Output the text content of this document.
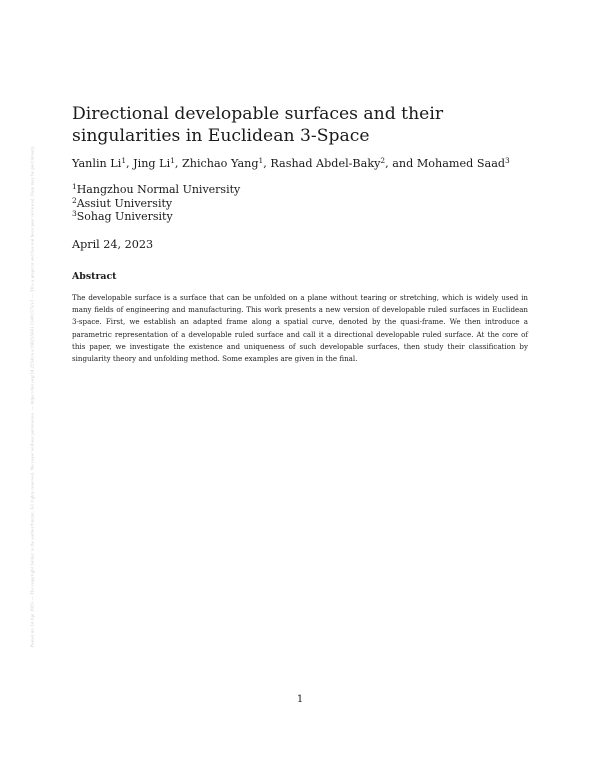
Posted on 24 Apr 2023 — The copyright holder is the author/funder. All rights reserved. No reuse without permission. — https://doi.org/10.22541/au.168235681.13491573/v1 — This a preprint and has not been peer reviewed. Data may be preliminary.
Directional developable surfaces and their singularities in Euclidean 3-Space
Yanlin Li$^1$, Jing Li$^1$, Zhichao Yang$^1$, Rashad Abdel-Baky$^2$, and Mohamed Saad$^3$
$^1$Hangzhou Normal University
$^2$Assiut University
$^3$Sohag University
April 24, 2023
Abstract

The developable surface is a surface that can be unfolded on a plane without tearing or stretching, which is widely used in many fields of engineering and manufacturing. This work presents a new version of developable ruled surfaces in Euclidean 3-space. First, we establish an adapted frame along a spatial curve, denoted by the quasi-frame. We then introduce a parametric representation of a developable ruled surface and call it a directional developable ruled surface. At the core of this paper, we investigate the existence and uniqueness of such developable surfaces, then study their classification by singularity theory and unfolding method. Some examples are given in the final.

1
